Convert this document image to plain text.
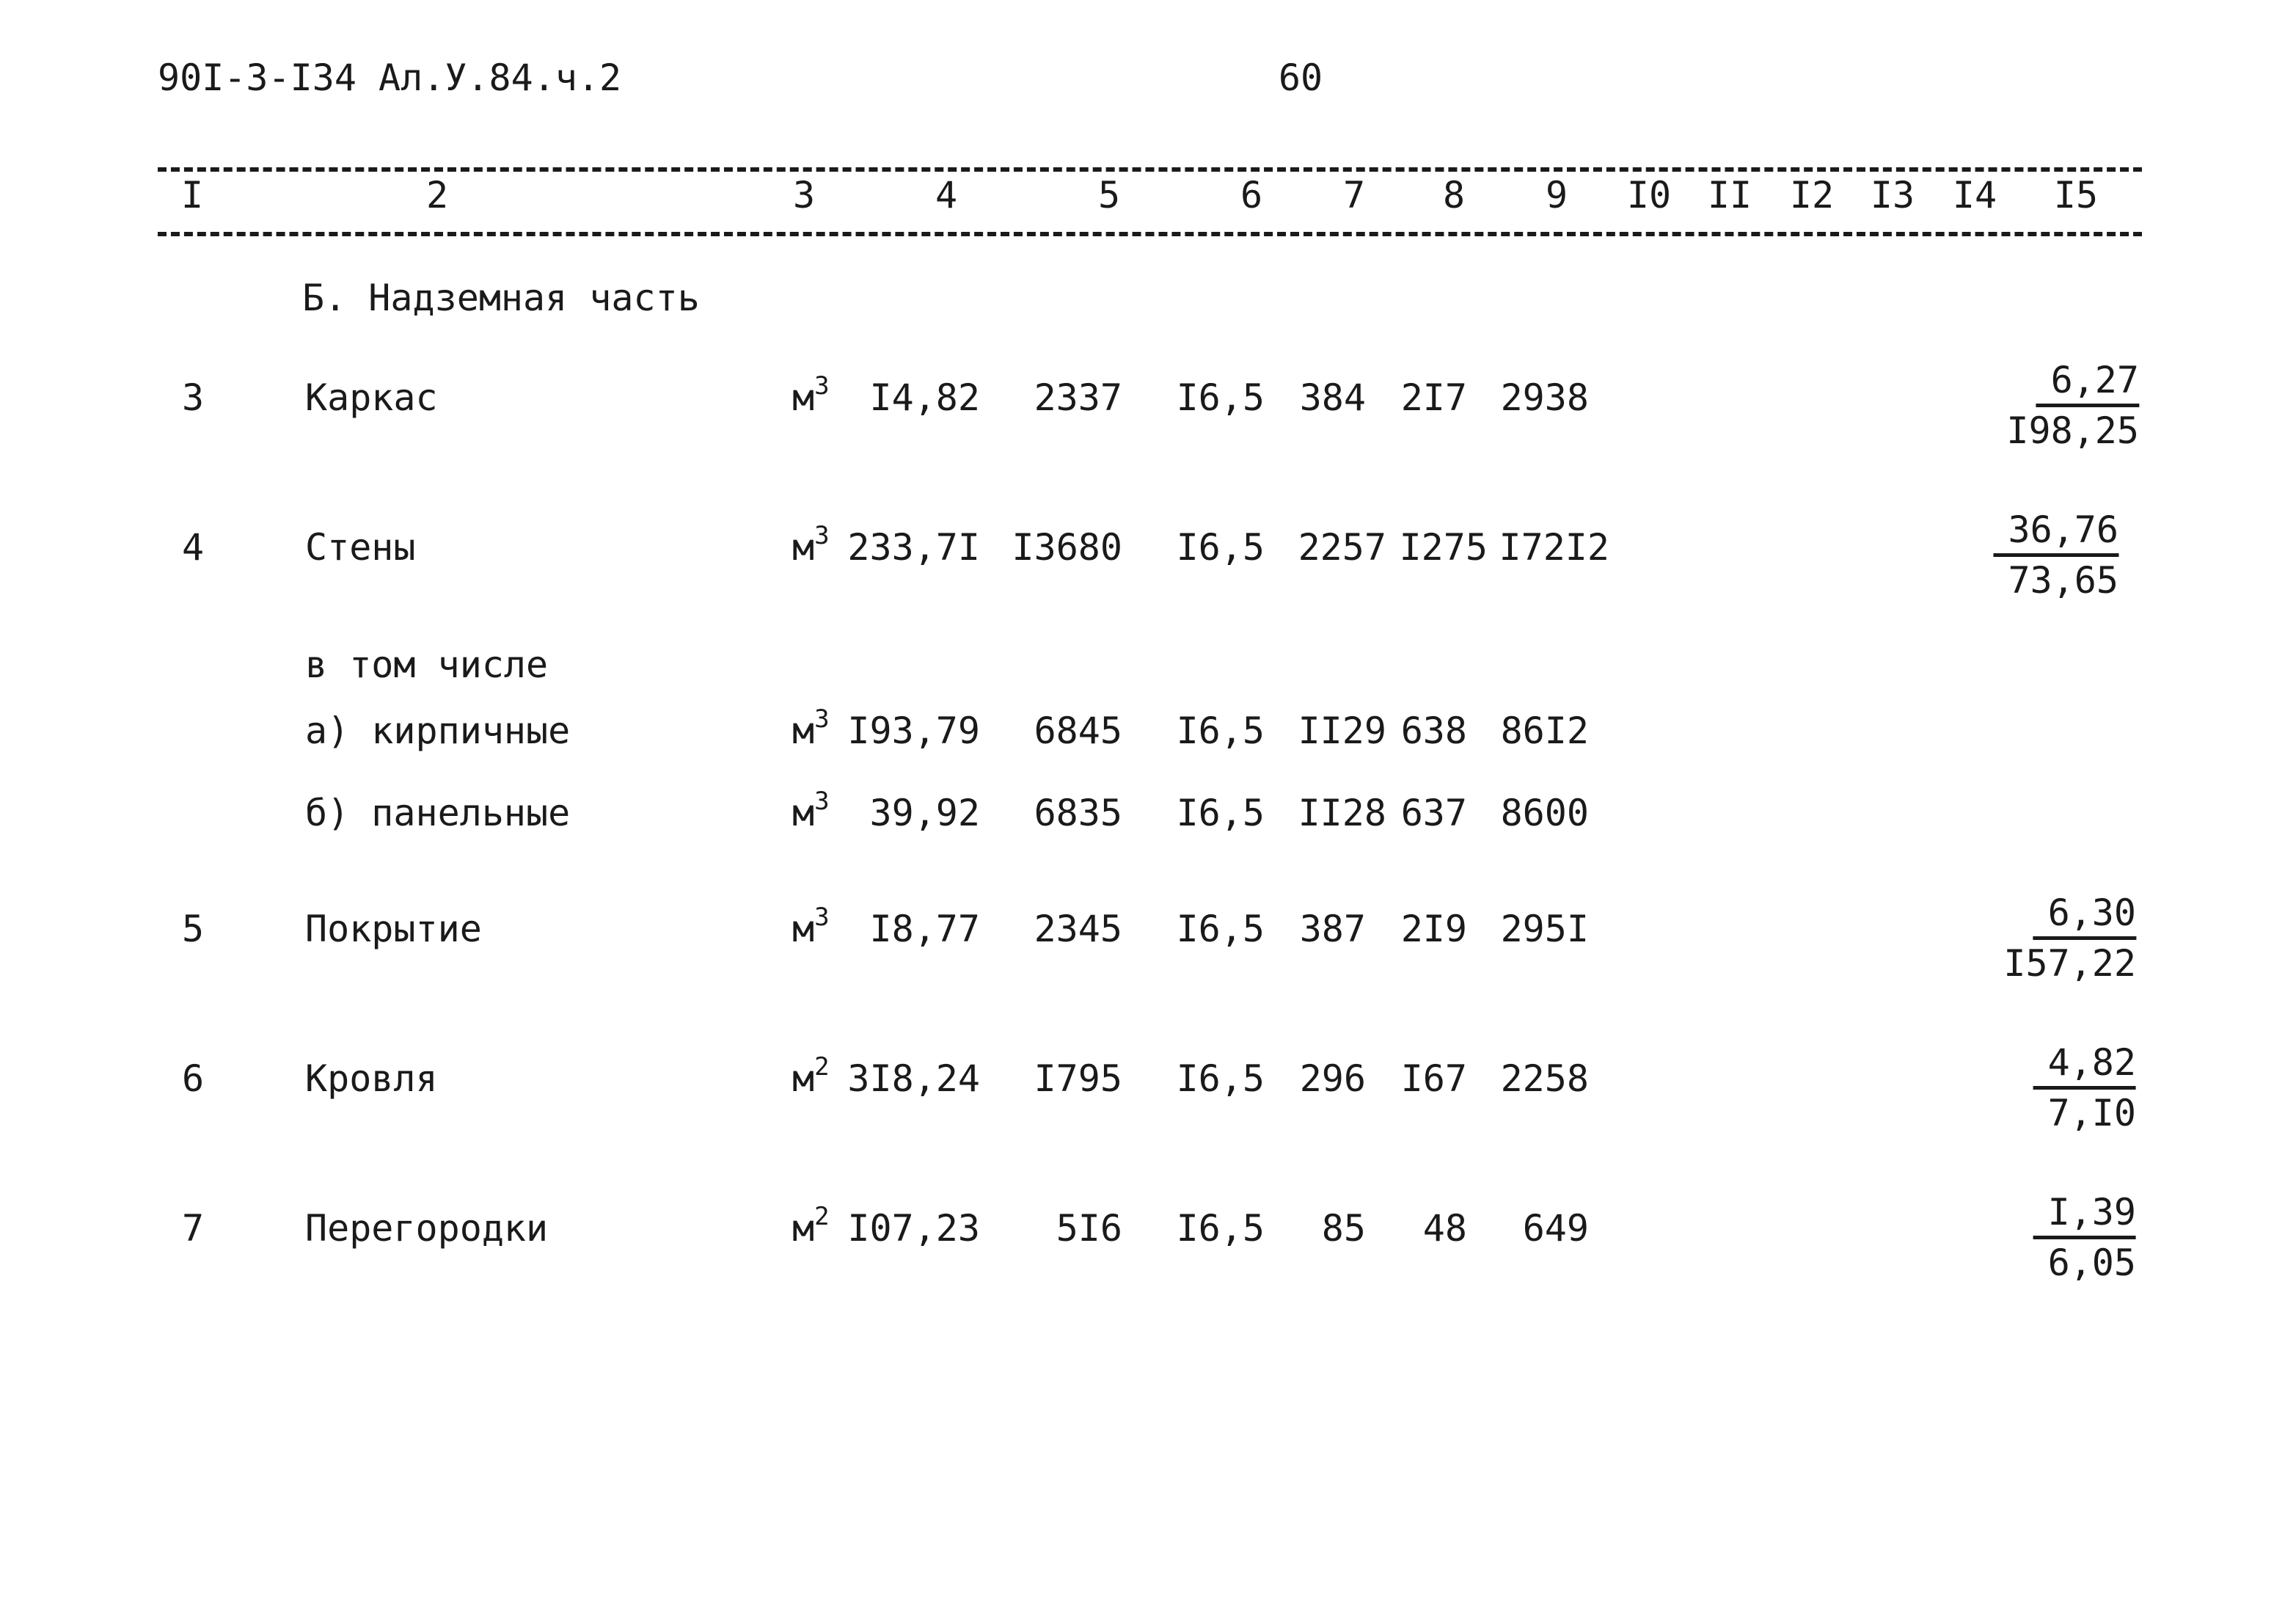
90I-3-I34 Ал.У.84.ч.2	60
I	2	3	4	5	6 7 8 9 I0 II I2 I3 I4 I5
Б. Надземная часть
3	Каркас	$м^3$ I4,82 2337 I6,5 384 2I7 2938	$\frac{6,27}{I98,25}$
4	Стены	$м^3$ 233,7I I3680 I6,5 2257 I275 I72I2	$\frac{36,76}{73,65}$
в том числе
а) кирпичные	$м^3$ I93,79 6845 I6,5 II29 638 86I2
б) панельные	$м^3$ 39,92 6835 I6,5 II28 637 8600
5	Покрытие	$м^3$ I8,77 2345 I6,5 387 2I9 295I	$\frac{6,30}{I57,22}$
6	Кровля	$м^2$ 3I8,24 I795 I6,5 296 I67 2258	$\frac{4,82}{7,I0}$
7	Перегородки	$м^2$ I07,23 5I6 I6,5 85 48 649	$\frac{I,39}{6,05}$
